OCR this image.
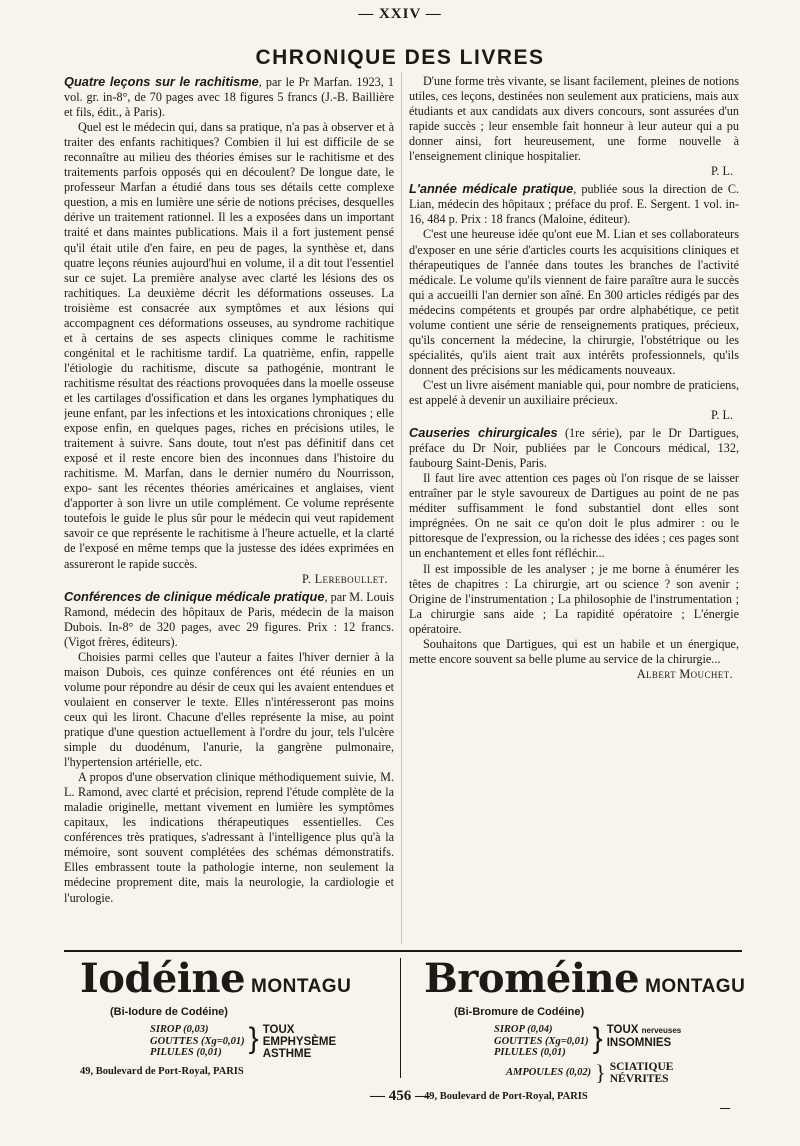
— XXIV —
CHRONIQUE DES LIVRES

Quatre leçons sur le rachitisme, par le Pr Marfan. 1923, 1 vol. gr. in-8°, de 70 pages avec 18 figures 5 francs (J.-B. Baillière et fils, édit., à Paris).

Quel est le médecin qui, dans sa pratique, n'a pas à observer et à traiter des enfants rachitiques? Combien il lui est difficile de se reconnaître au milieu des théories émises sur le rachitisme et des traitements parfois opposés qui en découlent? De longue date, le professeur Marfan a étudié dans tous ses détails cette complexe question, a mis en lumière une série de notions précises, desquelles dérive un traitement rationnel. Il les a exposées dans un important traité et dans maintes publications. Mais il a fort justement pensé qu'il était utile d'en faire, en peu de pages, la synthèse et, dans quatre leçons réunies aujourd'hui en volume, il a dit tout l'essentiel sur ce sujet. La première analyse avec clarté les lésions des os rachitiques. La deuxième décrit les déformations osseuses. La troisième est consacrée aux symptômes et aux lésions qui accompagnent ces déformations osseuses, au syndrome rachitique et à certains de ses aspects cliniques comme le rachitisme congénital et le rachitisme tardif. La quatrième, enfin, rappelle l'étiologie du rachitisme, discute sa pathogénie, montrant le rachitisme résultat des réactions provoquées dans la moelle osseuse et les cartilages d'ossification et dans les organes lymphatiques du jeune enfant, par les infections et les intoxications chroniques ; elle expose enfin, en quelques pages, riches en précisions utiles, le traitement à suivre. Sans doute, tout n'est pas définitif dans cet exposé et il reste encore bien des inconnues dans l'histoire du rachitisme. M. Marfan, dans le dernier numéro du Nourrisson, expo- sant les récentes théories américaines et anglaises, vient d'apporter à son livre un utile complément. Ce volume représente toutefois le guide le plus sûr pour le médecin qui veut rapidement savoir ce que représente le rachitisme à l'heure actuelle, et la clarté de l'exposé en même temps que la justesse des idées exprimées en assureront le rapide succès.

P. Lereboullet.

Conférences de clinique médicale pratique, par M. Louis Ramond, médecin des hôpitaux de Paris, médecin de la maison Dubois. In-8° de 320 pages, avec 29 figures. Prix : 12 francs. (Vigot frères, éditeurs).

Choisies parmi celles que l'auteur a faites l'hiver dernier à la maison Dubois, ces quinze conférences ont été réunies en un volume pour répondre au désir de ceux qui les avaient entendues et voulaient en conserver le texte. Elles n'intéresseront pas moins ceux qui les liront. Chacune d'elles représente la mise, au point pratique d'une question actuellement à l'ordre du jour, tels l'ulcère simple du duodénum, l'anurie, la gangrène pulmonaire, l'hypertension artérielle, etc.

A propos d'une observation clinique méthodiquement suivie, M. L. Ramond, avec clarté et précision, reprend l'étude complète de la maladie originelle, mettant vivement en lumière les symptômes capitaux, les indications thérapeutiques essentielles. Ces conférences très pratiques, s'adressant à l'intelligence plus qu'à la mémoire, sont souvent complétées des schémas démonstratifs. Elles embrassent toute la pathologie interne, non seulement la médecine proprement dite, mais la neurologie, la cardiologie et l'urologie.

D'une forme très vivante, se lisant facilement, pleines de notions utiles, ces leçons, destinées non seulement aux praticiens, mais aux étudiants et aux candidats aux divers concours, sont assurées d'un rapide succès ; leur ensemble fait honneur à leur auteur qui a pu donner ainsi, fort heureusement, une forme nouvelle à l'enseignement clinique hospitalier.

P. L.

L'année médicale pratique, publiée sous la direction de C. Lian, médecin des hôpitaux ; préface du prof. E. Sergent. 1 vol. in-16, 484 p. Prix : 18 francs (Maloine, éditeur).

C'est une heureuse idée qu'ont eue M. Lian et ses collaborateurs d'exposer en une série d'articles courts les acquisitions cliniques et thérapeutiques de l'année dans toutes les branches de l'activité médicale. Le volume qu'ils viennent de faire paraître aura le succès qui a accueilli l'an dernier son aîné. En 300 articles rédigés par des médecins compétents et groupés par ordre alphabétique, ce petit volume contient une série de renseignements pratiques, précieux, qu'ils concernent la médecine, la chirurgie, l'obstétrique ou les spécialités, qu'ils aient trait aux intérêts professionnels, qu'ils donnent des précisions sur les médicaments nouveaux.

C'est un livre aisément maniable qui, pour nombre de praticiens, est appelé à devenir un auxiliaire précieux.

P. L.

Causeries chirurgicales (1re série), par le Dr Dartigues, préface du Dr Noir, publiées par le Concours médical, 132, faubourg Saint-Denis, Paris.

Il faut lire avec attention ces pages où l'on risque de se laisser entraîner par le style savoureux de Dartigues au point de ne pas méditer suffisamment le fond substantiel dont elles sont imprégnées. On ne sait ce qu'on doit le plus admirer : ou le pittoresque de l'expression, ou la richesse des idées ; ces pages sont un enchantement et elles font réfléchir...

Il est impossible de les analyser ; je me borne à énumérer les têtes de chapitres : La chirurgie, art ou science ? son avenir ; Origine de l'instrumentation ; La philosophie de l'instrumentation ; La chirurgie sans aide ; La rapidité opératoire ; L'énergie opératoire.

Souhaitons que Dartigues, qui est un habile et un énergique, mette encore souvent sa belle plume au service de la chirurgie...

Albert Mouchet.

Iodéine MONTAGU
(Bi-Iodure de Codéine)
SIROP (0,03)
GOUTTES (Xg=0,01)
PILULES (0,01) } TOUX
EMPHYSÈME
ASTHME
49, Boulevard de Port-Royal, PARIS
Broméine MONTAGU
(Bi-Bromure de Codéine)
SIROP (0,04)
GOUTTES (Xg=0,01)
PILULES (0,01) } TOUX nerveuses
INSOMNIES
AMPOULES (0,02) } SCIATIQUE
NÉVRITES
49, Boulevard de Port-Royal, PARIS
— 456 —
